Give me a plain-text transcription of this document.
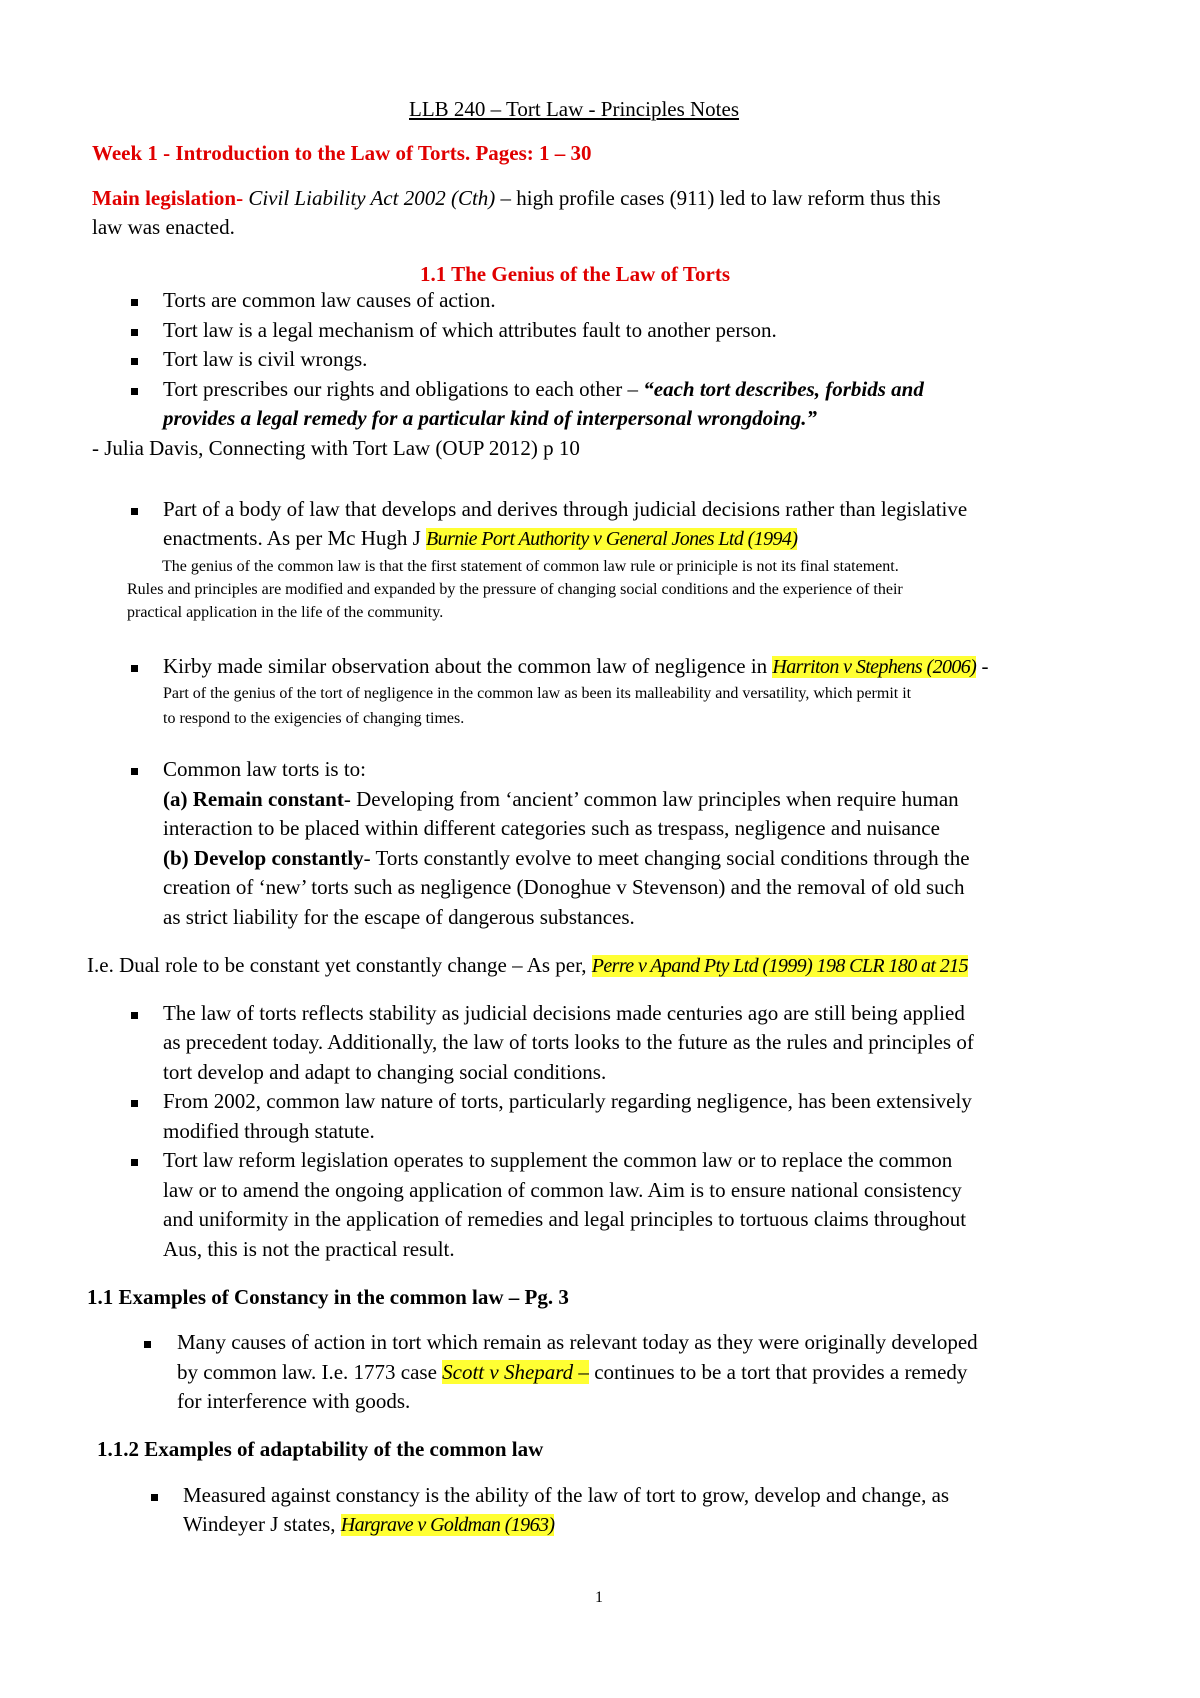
LLB 240 – Tort Law - Principles Notes
Week 1 - Introduction to the Law of Torts. Pages: 1 – 30
Main legislation- Civil Liability Act 2002 (Cth) – high profile cases (911) led to law reform thus this
law was enacted.
1.1 The Genius of the Law of Torts
Torts are common law causes of action.
Tort law is a legal mechanism of which attributes fault to another person.
Tort law is civil wrongs.
Tort prescribes our rights and obligations to each other – “each tort describes, forbids and
provides a legal remedy for a particular kind of interpersonal wrongdoing.”
- Julia Davis, Connecting with Tort Law (OUP 2012) p 10
Part of a body of law that develops and derives through judicial decisions rather than legislative
enactments. As per Mc Hugh J Burnie Port Authority v General Jones Ltd (1994)
The genius of the common law is that the first statement of common law rule or priniciple is not its final statement.
Rules and principles are modified and expanded by the pressure of changing social conditions and the experience of their
practical application in the life of the community.
Kirby made similar observation about the common law of negligence in Harriton v Stephens (2006) -
Part of the genius of the tort of negligence in the common law as been its malleability and versatility, which permit it
to respond to the exigencies of changing times.
Common law torts is to:
(a) Remain constant- Developing from ‘ancient’ common law principles when require human
interaction to be placed within different categories such as trespass, negligence and nuisance
(b) Develop constantly- Torts constantly evolve to meet changing social conditions through the
creation of ‘new’ torts such as negligence (Donoghue v Stevenson) and the removal of old such
as strict liability for the escape of dangerous substances.
I.e. Dual role to be constant yet constantly change – As per, Perre v Apand Pty Ltd (1999) 198 CLR 180 at 215
The law of torts reflects stability as judicial decisions made centuries ago are still being applied
as precedent today. Additionally, the law of torts looks to the future as the rules and principles of
tort develop and adapt to changing social conditions.
From 2002, common law nature of torts, particularly regarding negligence, has been extensively
modified through statute.
Tort law reform legislation operates to supplement the common law or to replace the common
law or to amend the ongoing application of common law. Aim is to ensure national consistency
and uniformity in the application of remedies and legal principles to tortuous claims throughout
Aus, this is not the practical result.
1.1 Examples of Constancy in the common law – Pg. 3
Many causes of action in tort which remain as relevant today as they were originally developed
by common law. I.e. 1773 case Scott v Shepard – continues to be a tort that provides a remedy
for interference with goods.
1.1.2 Examples of adaptability of the common law
Measured against constancy is the ability of the law of tort to grow, develop and change, as
Windeyer J states, Hargrave v Goldman (1963)
1
